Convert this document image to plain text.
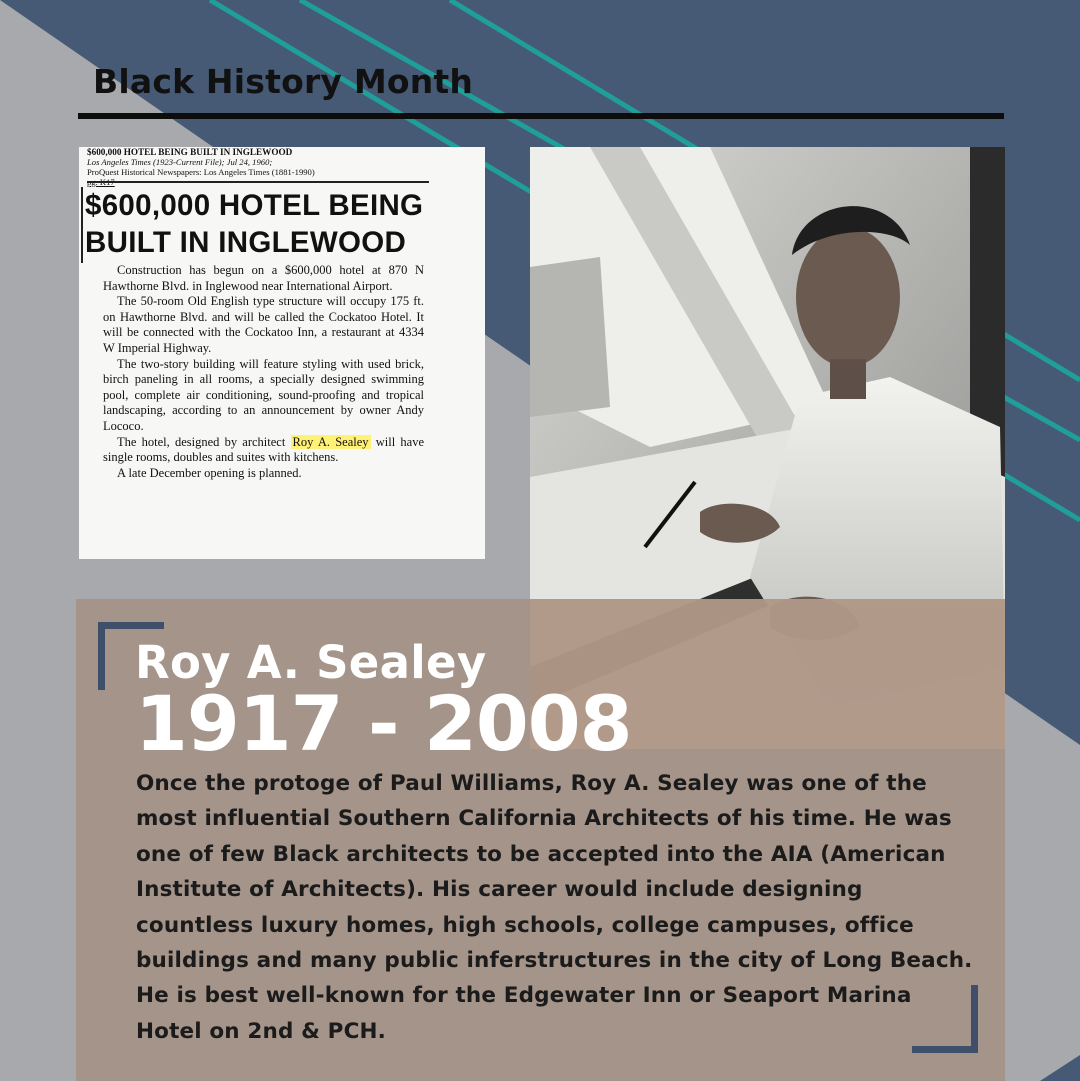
Black History Month
$600,000 HOTEL BEING BUILT IN INGLEWOOD
Los Angeles Times (1923-Current File); Jul 24, 1960;
ProQuest Historical Newspapers: Los Angeles Times (1881-1990)
$600,000 HOTEL BEING BUILT IN INGLEWOOD

Construction has begun on a $600,000 hotel at 870 N Hawthorne Blvd. in Inglewood near International Airport.

The 50-room Old English type structure will occupy 175 ft. on Hawthorne Blvd. and will be called the Cockatoo Hotel. It will be connected with the Cockatoo Inn, a restaurant at 4334 W Imperial Highway.

The two-story building will feature styling with used brick, birch paneling in all rooms, a specially designed swimming pool, complete air conditioning, sound-proofing and tropical landscaping, according to an announcement by owner Andy Lococo.

The hotel, designed by architect Roy A. Sealey will have single rooms, doubles and suites with kitchens.

A late December opening is planned.

Roy A. Sealey
1917 - 2008
Once the protoge of Paul Williams, Roy A. Sealey was one of the most influential Southern California Architects of his time. He was one of few Black architects to be accepted into the AIA (American Institute of Architects). His career would include designing countless luxury homes, high schools, college campuses, office buildings and many public inferstructures in the city of Long Beach. He is best well-known for the Edgewater Inn or Seaport Marina Hotel on 2nd & PCH.
